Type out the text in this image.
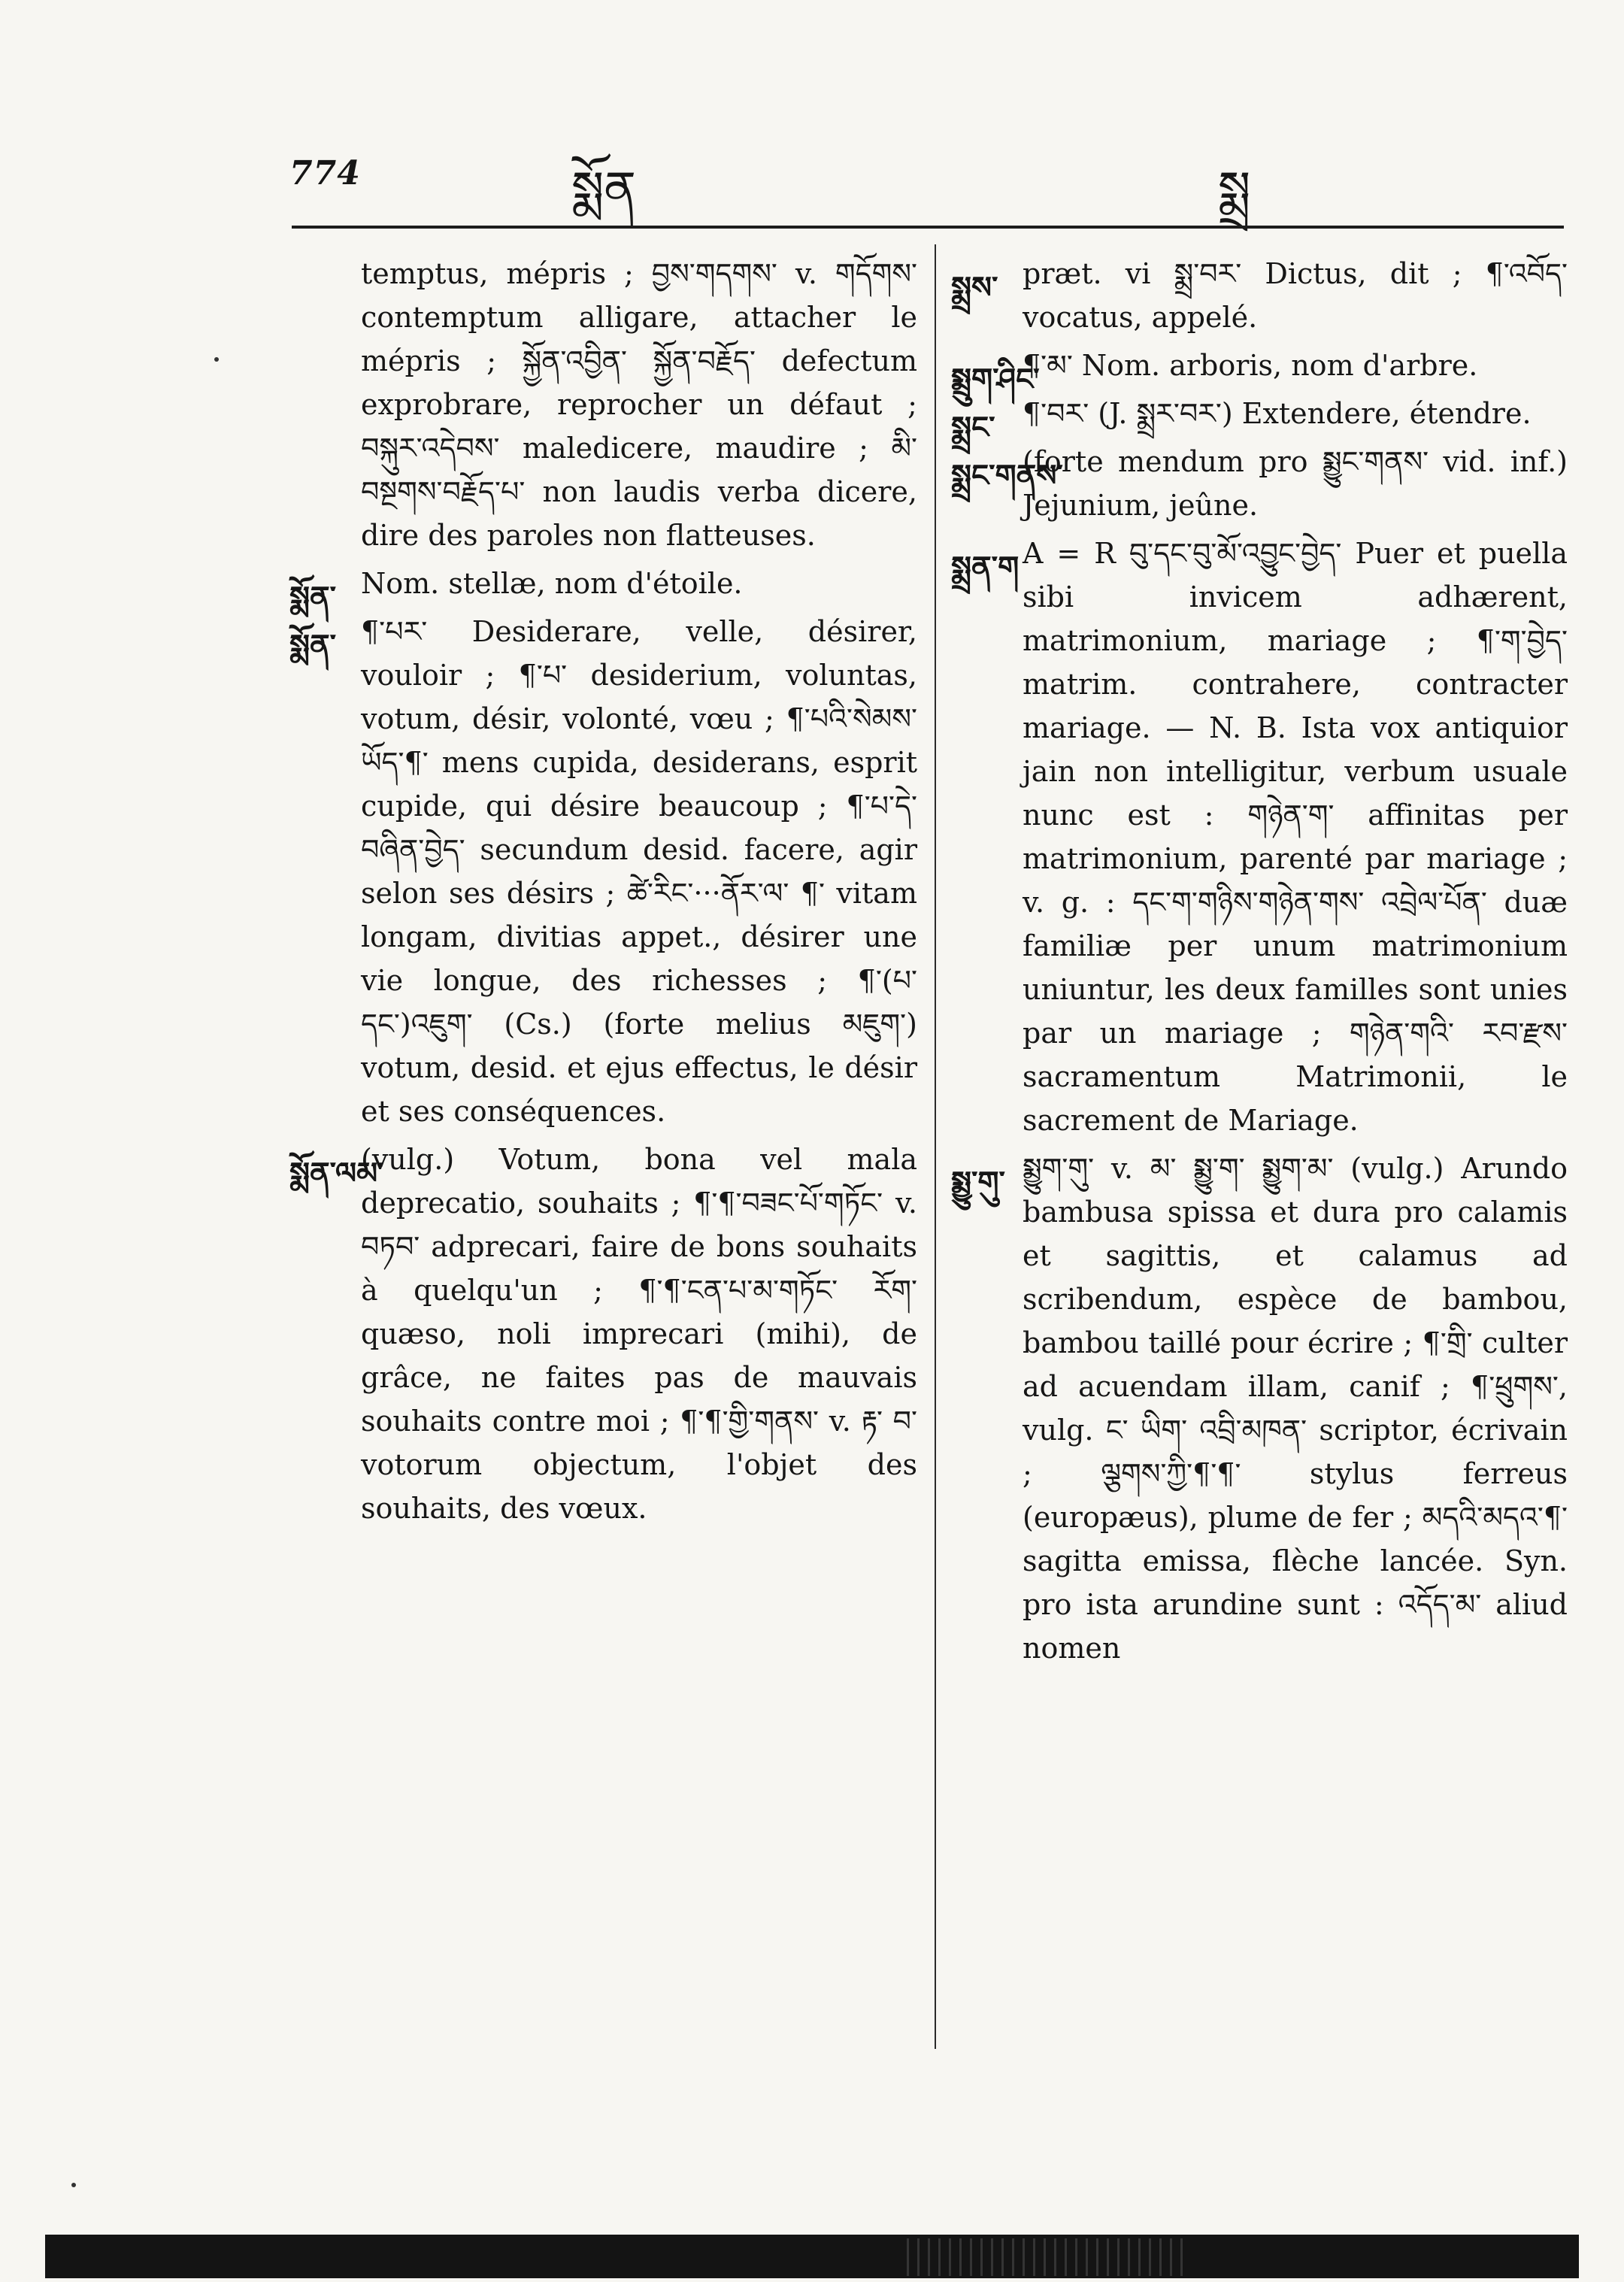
774	སྨོན	སྨྲ
temptus, mépris ; བྱས་གདགས་ v. གདོགས་ contemptum alligare, attacher le mépris ; སྐྱོན་འབྱིན་ སྐྱོན་བརྗོད་ defectum exprobrare, reprocher un défaut ; བསྐུར་འདེབས་ maledicere, maudire ; མི་བསྔགས་བརྗོད་པ་ non laudis verba dicere, dire des paroles non flatteuses.
སྨོན་ Nom. stellæ, nom d'étoile.
སྨོན་ ¶་པར་ Desiderare, velle, désirer, vouloir ; ¶་པ་ desiderium, voluntas, votum, désir, volonté, vœu ; ¶་པའི་སེམས་ ཡོད་¶་ mens cupida, desiderans, esprit cupide, qui désire beaucoup ; ¶་པ་དེ་བཞིན་བྱེད་ secundum desid. facere, agir selon ses désirs ; ཚེ་རིང་···ནོར་ལ་ ¶་ vitam longam, divitias appet., désirer une vie longue, des richesses ; ¶་(པ་ དང་)འཇུག་ (Cs.) (forte melius མཇུག་) votum, desid. et ejus effectus, le désir et ses conséquences.
སྨོན་ལམ་
(vulg.) Votum, bona vel mala deprecatio, souhaits ; ¶་¶་བཟང་པོ་གཏོང་ v. བཏབ་ adprecari, faire de bons souhaits à quelqu'un ; ¶་¶་ངན་པ་མ་གཏོང་ རོག་ quæso, noli imprecari (mihi), de grâce, ne faites pas de mauvais souhaits contre moi ; ¶་¶་གྱི་གནས་ v. རྟ་ བ་ votorum objectum, l'objet des souhaits, des vœux.
སྨྲས་ præt. vi སྨྲ་བར་ Dictus, dit ; ¶་འབོད་ vocatus, appelé.
སྨྲུག་ཤིང་
¶་མ་ Nom. arboris, nom d'arbre.
སྨྲང་ ¶་བར་ (J. སྨྲར་བར་) Extendere, étendre.
སྨྲང་གནས་
(forte mendum pro སྨྱུང་གནས་ vid. inf.) Jejunium, jeûne.
སྨྲན་ག A = R བུ་དང་བུ་མོ་འབྱུང་བྱེད་ Puer et puella sibi invicem adhærent, matrimonium, mariage ; ¶་ག་བྱེད་ matrim. contrahere, contracter mariage. — N. B. Ista vox antiquior jain non intelligitur, verbum usuale nunc est : གཉེན་ག་ affinitas per matrimonium, parenté par mariage ; v. g. : དང་ག་གཉིས་གཉེན་གས་ འབྲེལ་པོན་ duæ familiæ per unum matrimonium uniuntur, les deux familles sont unies par un mariage ; གཉེན་གའི་ རབ་རྫས་ sacramentum Matrimonii, le sacrement de Mariage.
སྨྱུ་གུ་ སྨྱུག་གུ་ v. མ་ སྨྱུ་ག་ སྨྱུག་མ་ (vulg.) Arundo bambusa spissa et dura pro calamis et sagittis, et calamus ad scribendum, espèce de bambou, bambou taillé pour écrire ; ¶་གྲི་ culter ad acuendam illam, canif ; ¶་ཕྲུགས་, vulg. ང་ ཡིག་ འབྲི་མཁན་ scriptor, écrivain ; ལྕགས་ཀྱི་¶་¶་ stylus ferreus (europæus), plume de fer ; མདའི་མདའ་¶་ sagitta emissa, flèche lancée. Syn. pro ista arundine sunt : འདོད་མ་ aliud nomen
